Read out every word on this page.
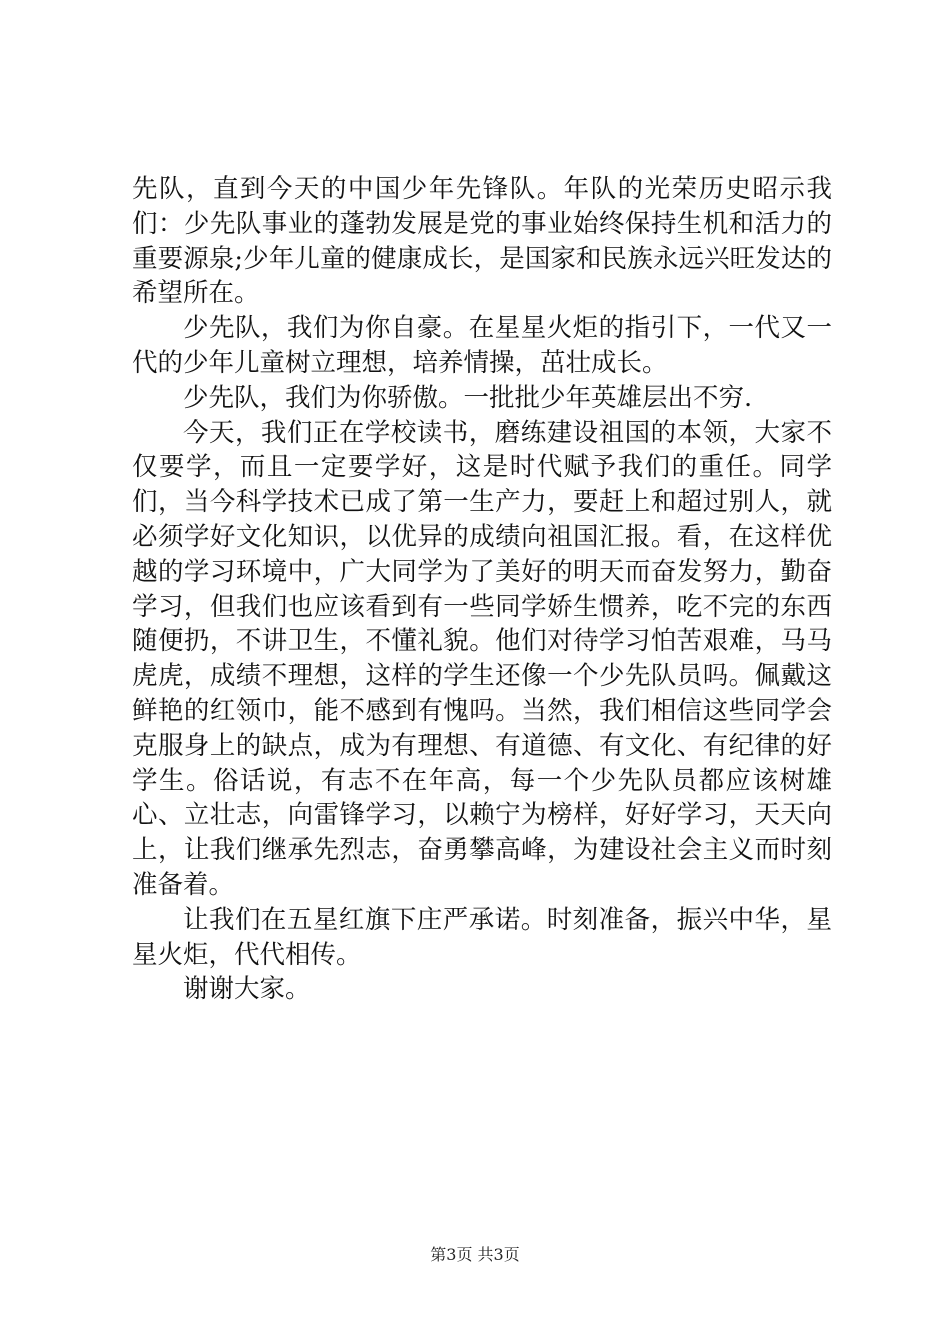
先队，直到今天的中国少年先锋队。年队的光荣历史昭示我们：少先队事业的蓬勃发展是党的事业始终保持生机和活力的重要源泉;少年儿童的健康成长，是国家和民族永远兴旺发达的希望所在。

少先队，我们为你自豪。在星星火炬的指引下，一代又一代的少年儿童树立理想，培养情操，茁壮成长。

少先队，我们为你骄傲。一批批少年英雄层出不穷.

今天，我们正在学校读书，磨练建设祖国的本领，大家不仅要学，而且一定要学好，这是时代赋予我们的重任。同学们，当今科学技术已成了第一生产力，要赶上和超过别人，就必须学好文化知识，以优异的成绩向祖国汇报。看，在这样优越的学习环境中，广大同学为了美好的明天而奋发努力，勤奋学习，但我们也应该看到有一些同学娇生惯养，吃不完的东西随便扔，不讲卫生，不懂礼貌。他们对待学习怕苦艰难，马马虎虎，成绩不理想，这样的学生还像一个少先队员吗。佩戴这鲜艳的红领巾，能不感到有愧吗。当然，我们相信这些同学会克服身上的缺点，成为有理想、有道德、有文化、有纪律的好学生。俗话说，有志不在年高，每一个少先队员都应该树雄心、立壮志，向雷锋学习，以赖宁为榜样，好好学习，天天向上，让我们继承先烈志，奋勇攀高峰，为建设社会主义而时刻准备着。

让我们在五星红旗下庄严承诺。时刻准备，振兴中华，星星火炬，代代相传。

谢谢大家。

第3页 共3页
